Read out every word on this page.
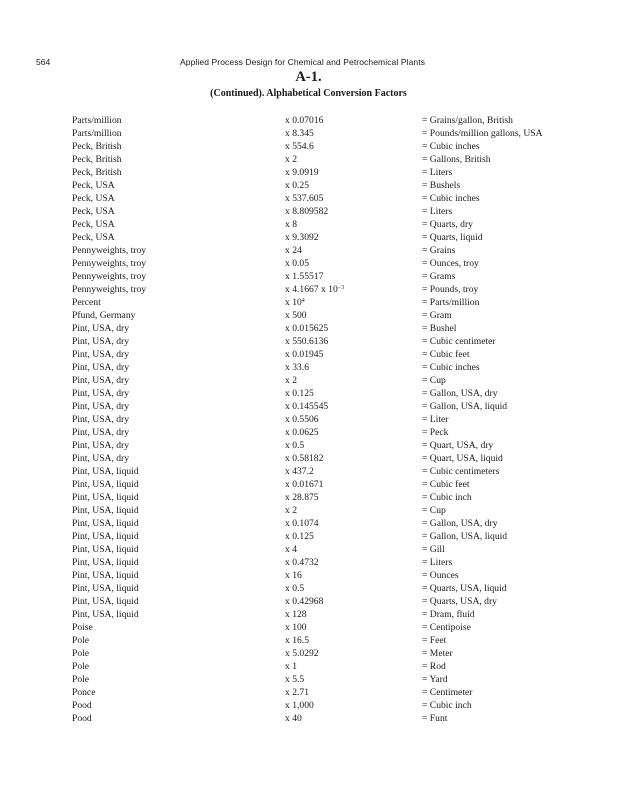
564	Applied Process Design for Chemical and Petrochemical Plants
A-1.
(Continued). Alphabetical Conversion Factors
Parts/million	x 0.07016	= Grains/gallon, British
Parts/million	x 8.345	= Pounds/million gallons, USA
Peck, British	x 554.6	= Cubic inches
Peck, British	x 2	= Gallons, British
Peck, British	x 9.0919	= Liters
Peck, USA	x 0.25	= Bushels
Peck, USA	x 537.605	= Cubic inches
Peck, USA	x 8.809582	= Liters
Peck, USA	x 8	= Quarts, dry
Peck, USA	x 9.3092	= Quarts, liquid
Pennyweights, troy	x 24	= Grains
Pennyweights, troy	x 0.05	= Ounces, troy
Pennyweights, troy	x 1.55517	= Grams
Pennyweights, troy	x 4.1667 x $10^{-3}$	= Pounds, troy
Percent	x $10^4$	= Parts/million
Pfund, Germany	x 500	= Gram
Pint, USA, dry	x 0.015625	= Bushel
Pint, USA, dry	x 550.6136	= Cubic centimeter
Pint, USA, dry	x 0.01945	= Cubic feet
Pint, USA, dry	x 33.6	= Cubic inches
Pint, USA, dry	x 2	= Cup
Pint, USA, dry	x 0.125	= Gallon, USA, dry
Pint, USA, dry	x 0.145545	= Gallon, USA, liquid
Pint, USA, dry	x 0.5506	= Liter
Pint, USA, dry	x 0.0625	= Peck
Pint, USA, dry	x 0.5	= Quart, USA, dry
Pint, USA, dry	x 0.58182	= Quart, USA, liquid
Pint, USA, liquid	x 437.2	= Cubic centimeters
Pint, USA, liquid	x 0.01671	= Cubic feet
Pint, USA, liquid	x 28.875	= Cubic inch
Pint, USA, liquid	x 2	= Cup
Pint, USA, liquid	x 0.1074	= Gallon, USA, dry
Pint, USA, liquid	x 0.125	= Gallon, USA, liquid
Pint, USA, liquid	x 4	= Gill
Pint, USA, liquid	x 0.4732	= Liters
Pint, USA, liquid	x 16	= Ounces
Pint, USA, liquid	x 0.5	= Quarts, USA, liquid
Pint, USA, liquid	x 0.42968	= Quarts, USA, dry
Pint, USA, liquid	x 128	= Dram, fluid
Poise	x 100	= Centipoise
Pole	x 16.5	= Feet
Pole	x 5.0292	= Meter
Pole	x 1	= Rod
Pole	x 5.5	= Yard
Ponce	x 2.71	= Centimeter
Pood	x 1,000	= Cubic inch
Pood	x 40	= Funt
